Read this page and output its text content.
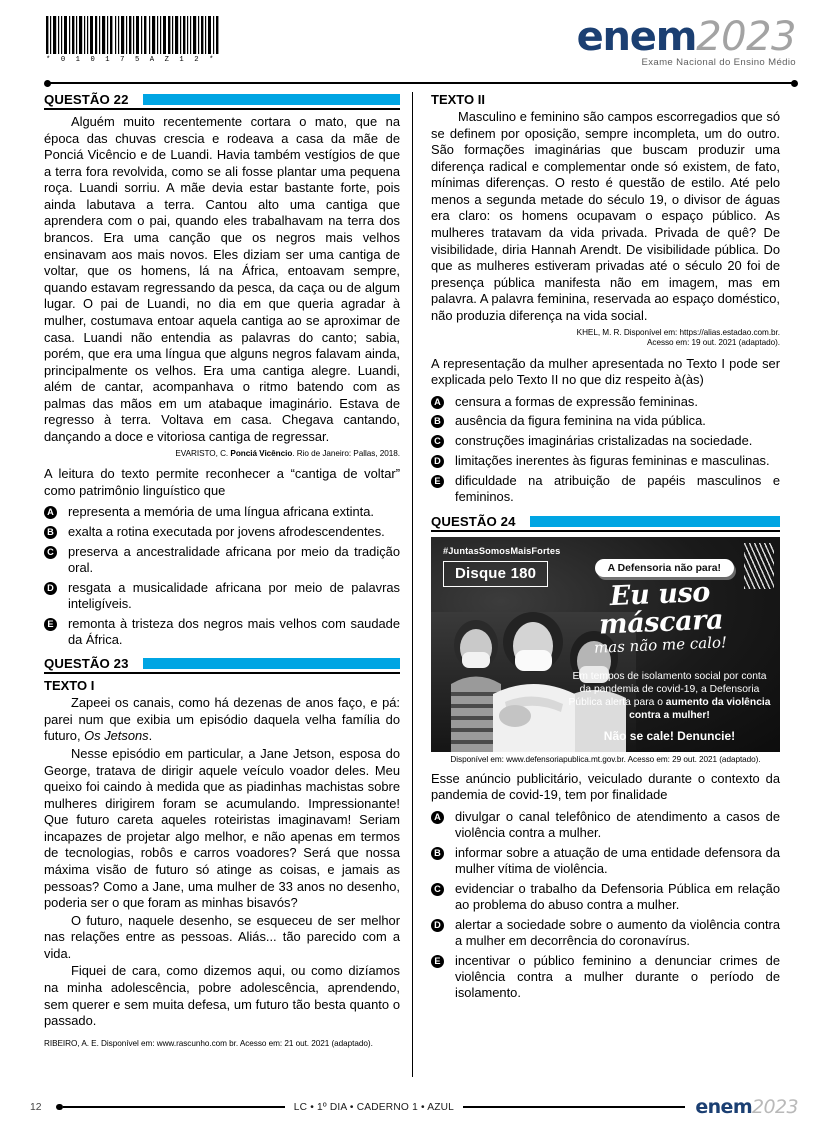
* 0 1 0 1 7 5 A Z 1 2 *	enem2023
Exame Nacional do Ensino Médio
QUESTÃO 22

Alguém muito recentemente cortara o mato, que na época das chuvas crescia e rodeava a casa da mãe de Ponciá Vicêncio e de Luandi. Havia também vestígios de que a terra fora revolvida, como se ali fosse plantar uma pequena roça. Luandi sorriu. A mãe devia estar bastante forte, pois ainda labutava a terra. Cantou alto uma cantiga que aprendera com o pai, quando eles trabalhavam na terra dos brancos. Era uma canção que os negros mais velhos ensinavam aos mais novos. Eles diziam ser uma cantiga de voltar, que os homens, lá na África, entoavam sempre, quando estavam regressando da pesca, da caça ou de algum lugar. O pai de Luandi, no dia em que queria agradar à mulher, costumava entoar aquela cantiga ao se aproximar de casa. Luandi não entendia as palavras do canto; sabia, porém, que era uma língua que alguns negros falavam ainda, principalmente os velhos. Era uma cantiga alegre. Luandi, além de cantar, acompanhava o ritmo batendo com as palmas das mãos em um atabaque imaginário. Estava de regresso à terra. Voltava em casa. Chegava cantando, dançando a doce e vitoriosa cantiga de regressar.

EVARISTO, C. Ponciá Vicêncio. Rio de Janeiro: Pallas, 2018.
A leitura do texto permite reconhecer a “cantiga de voltar” como patrimônio linguístico que
A representa a memória de uma língua africana extinta.
B exalta a rotina executada por jovens afrodescendentes.
C preserva a ancestralidade africana por meio da tradição oral.
D resgata a musicalidade africana por meio de palavras inteligíveis.
E remonta à tristeza dos negros mais velhos com saudade da África.
QUESTÃO 23
TEXTO I

Zapeei os canais, como há dezenas de anos faço, e pá: parei num que exibia um episódio daquela velha família do futuro, Os Jetsons.

Nesse episódio em particular, a Jane Jetson, esposa do George, tratava de dirigir aquele veículo voador deles. Meu queixo foi caindo à medida que as piadinhas machistas sobre mulheres dirigirem foram se acumulando. Impressionante! Que futuro careta aqueles roteiristas imaginavam! Seriam incapazes de projetar algo melhor, e não apenas em termos de tecnologias, robôs e carros voadores? Será que nossa máxima visão de futuro só atinge as coisas, e jamais as pessoas? Como a Jane, uma mulher de 33 anos no desenho, poderia ser o que foram as minhas bisavós?

O futuro, naquele desenho, se esqueceu de ser melhor nas relações entre as pessoas. Aliás... tão parecido com a vida.

Fiquei de cara, como dizemos aqui, ou como dizíamos na minha adolescência, pobre adolescência, aprendendo, sem querer e sem muita defesa, um futuro tão besta quanto o passado.

RIBEIRO, A. E. Disponível em: www.rascunho.com br. Acesso em: 21 out. 2021 (adaptado).
TEXTO II

Masculino e feminino são campos escorregadios que só se definem por oposição, sempre incompleta, um do outro. São formações imaginárias que buscam produzir uma diferença radical e complementar onde só existem, de fato, mínimas diferenças. O resto é questão de estilo. Até pelo menos a segunda metade do século 19, o divisor de águas era claro: os homens ocupavam o espaço público. As mulheres tratavam da vida privada. Privada de quê? De visibilidade, diria Hannah Arendt. De visibilidade pública. Do que as mulheres estiveram privadas até o século 20 foi de presença pública manifesta não em imagem, mas em palavra. A palavra feminina, reservada ao espaço doméstico, não produzia diferença na vida social.

KHEL, M. R. Disponível em: https://alias.estadao.com.br.
Acesso em: 19 out. 2021 (adaptado).
A representação da mulher apresentada no Texto I pode ser explicada pelo Texto II no que diz respeito à(às)
A censura a formas de expressão femininas.
B ausência da figura feminina na vida pública.
C construções imaginárias cristalizadas na sociedade.
D limitações inerentes às figuras femininas e masculinas.
E dificuldade na atribuição de papéis masculinos e femininos.
QUESTÃO 24
#JuntasSomosMaisFortes
Disque 180	A Defensoria não para!
Eu uso máscara
mas não me calo!
Em tempos de isolamento social por conta da pandemia de covid-19, a Defensoria Pública alerta para o aumento da violência contra a mulher!
Não se cale! Denuncie!
Disponível em: www.defensoriapublica.mt.gov.br. Acesso em: 29 out. 2021 (adaptado).
Esse anúncio publicitário, veiculado durante o contexto da pandemia de covid-19, tem por finalidade
A divulgar o canal telefônico de atendimento a casos de violência contra a mulher.
B informar sobre a atuação de uma entidade defensora da mulher vítima de violência.
C evidenciar o trabalho da Defensoria Pública em relação ao problema do abuso contra a mulher.
D alertar a sociedade sobre o aumento da violência contra a mulher em decorrência do coronavírus.
E incentivar o público feminino a denunciar crimes de violência contra a mulher durante o período de isolamento.
12	LC • 1º DIA • CADERNO 1 • AZUL	enem2023
